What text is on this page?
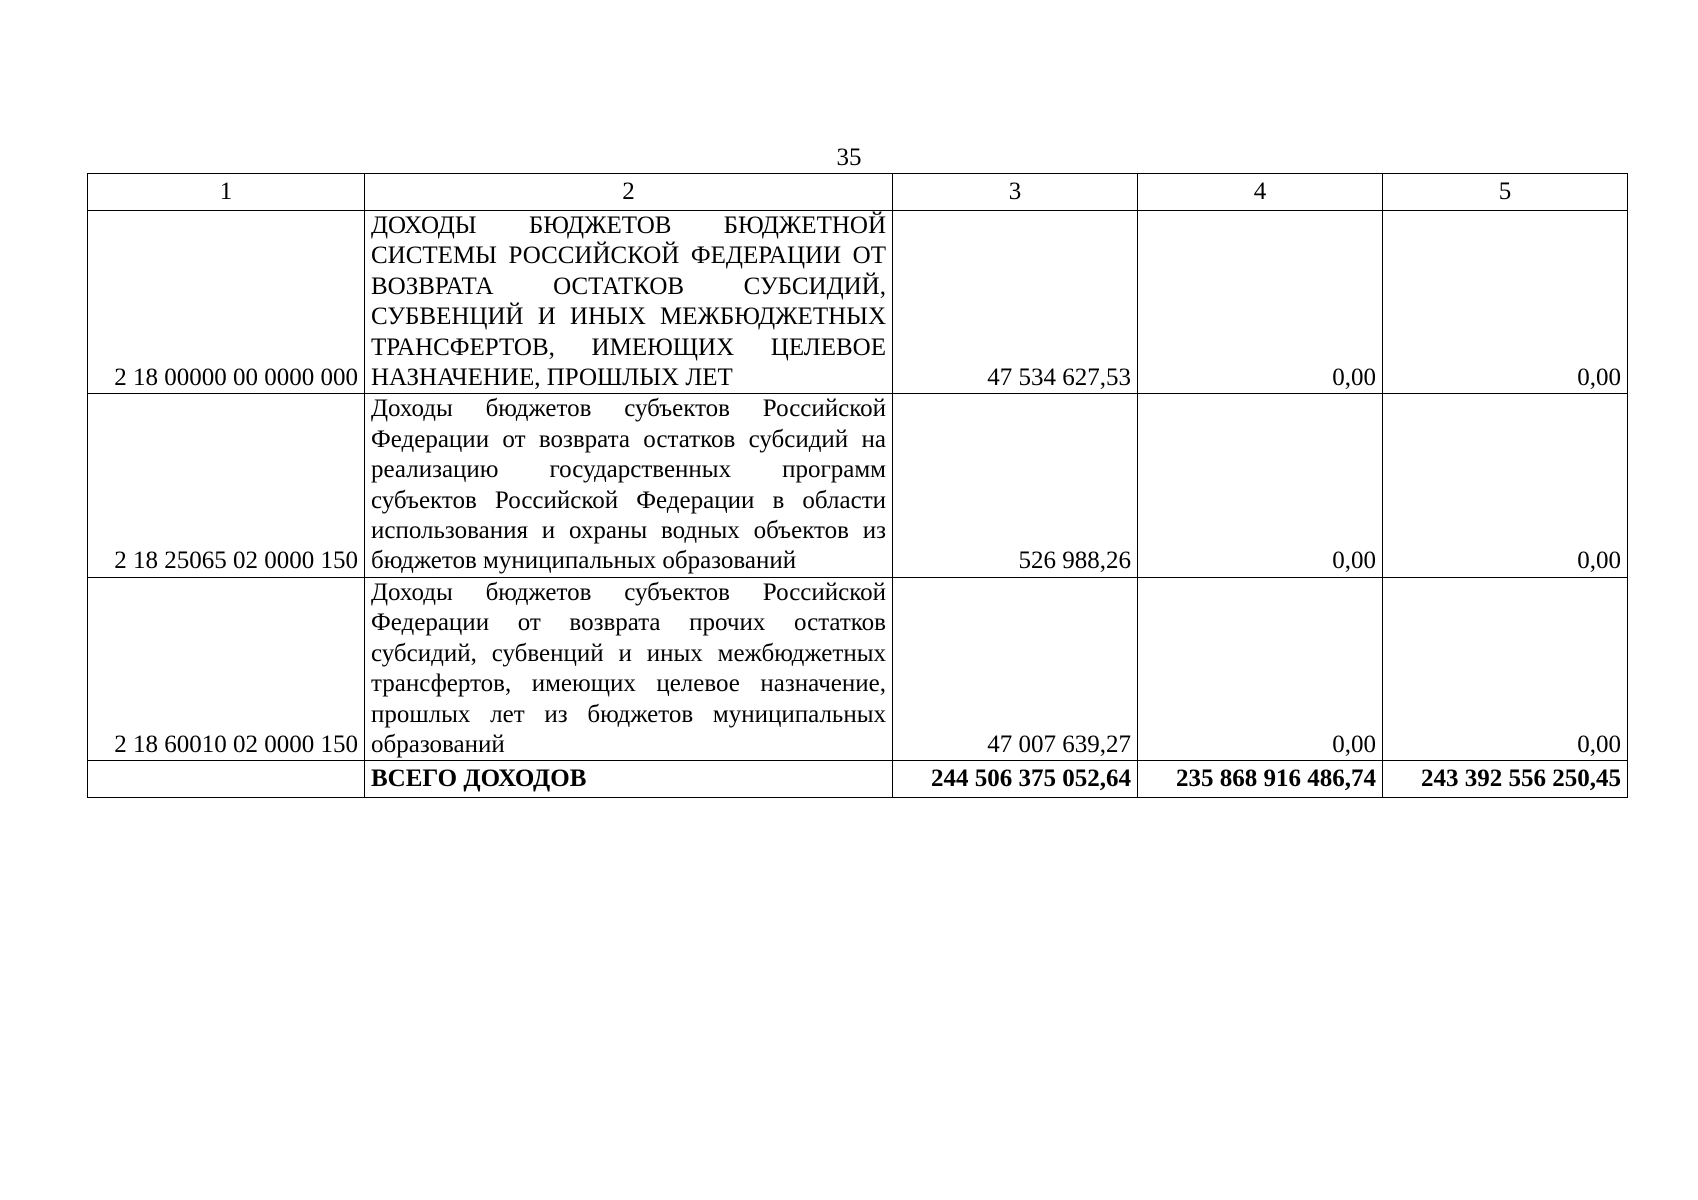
35
1	2	3	4	5
2 18 00000 00 0000 000	ДОХОДЫ БЮДЖЕТОВ БЮДЖЕТНОЙ СИСТЕМЫ РОССИЙСКОЙ ФЕДЕРАЦИИ ОТ ВОЗВРАТА ОСТАТКОВ СУБСИДИЙ, СУБВЕНЦИЙ И ИНЫХ МЕЖБЮДЖЕТНЫХ ТРАНСФЕРТОВ, ИМЕЮЩИХ ЦЕЛЕВОЕ НАЗНАЧЕНИЕ, ПРОШЛЫХ ЛЕТ	47 534 627,53	0,00	0,00
2 18 25065 02 0000 150	Доходы бюджетов субъектов Российской Федерации от возврата остатков субсидий на реализацию государственных программ субъектов Российской Федерации в области использования и охраны водных объектов из бюджетов муниципальных образований	526 988,26	0,00	0,00
2 18 60010 02 0000 150	Доходы бюджетов субъектов Российской Федерации от возврата прочих остатков субсидий, субвенций и иных межбюджетных трансфертов, имеющих целевое назначение, прошлых лет из бюджетов муниципальных образований	47 007 639,27	0,00	0,00
	ВСЕГО ДОХОДОВ	244 506 375 052,64	235 868 916 486,74	243 392 556 250,45
